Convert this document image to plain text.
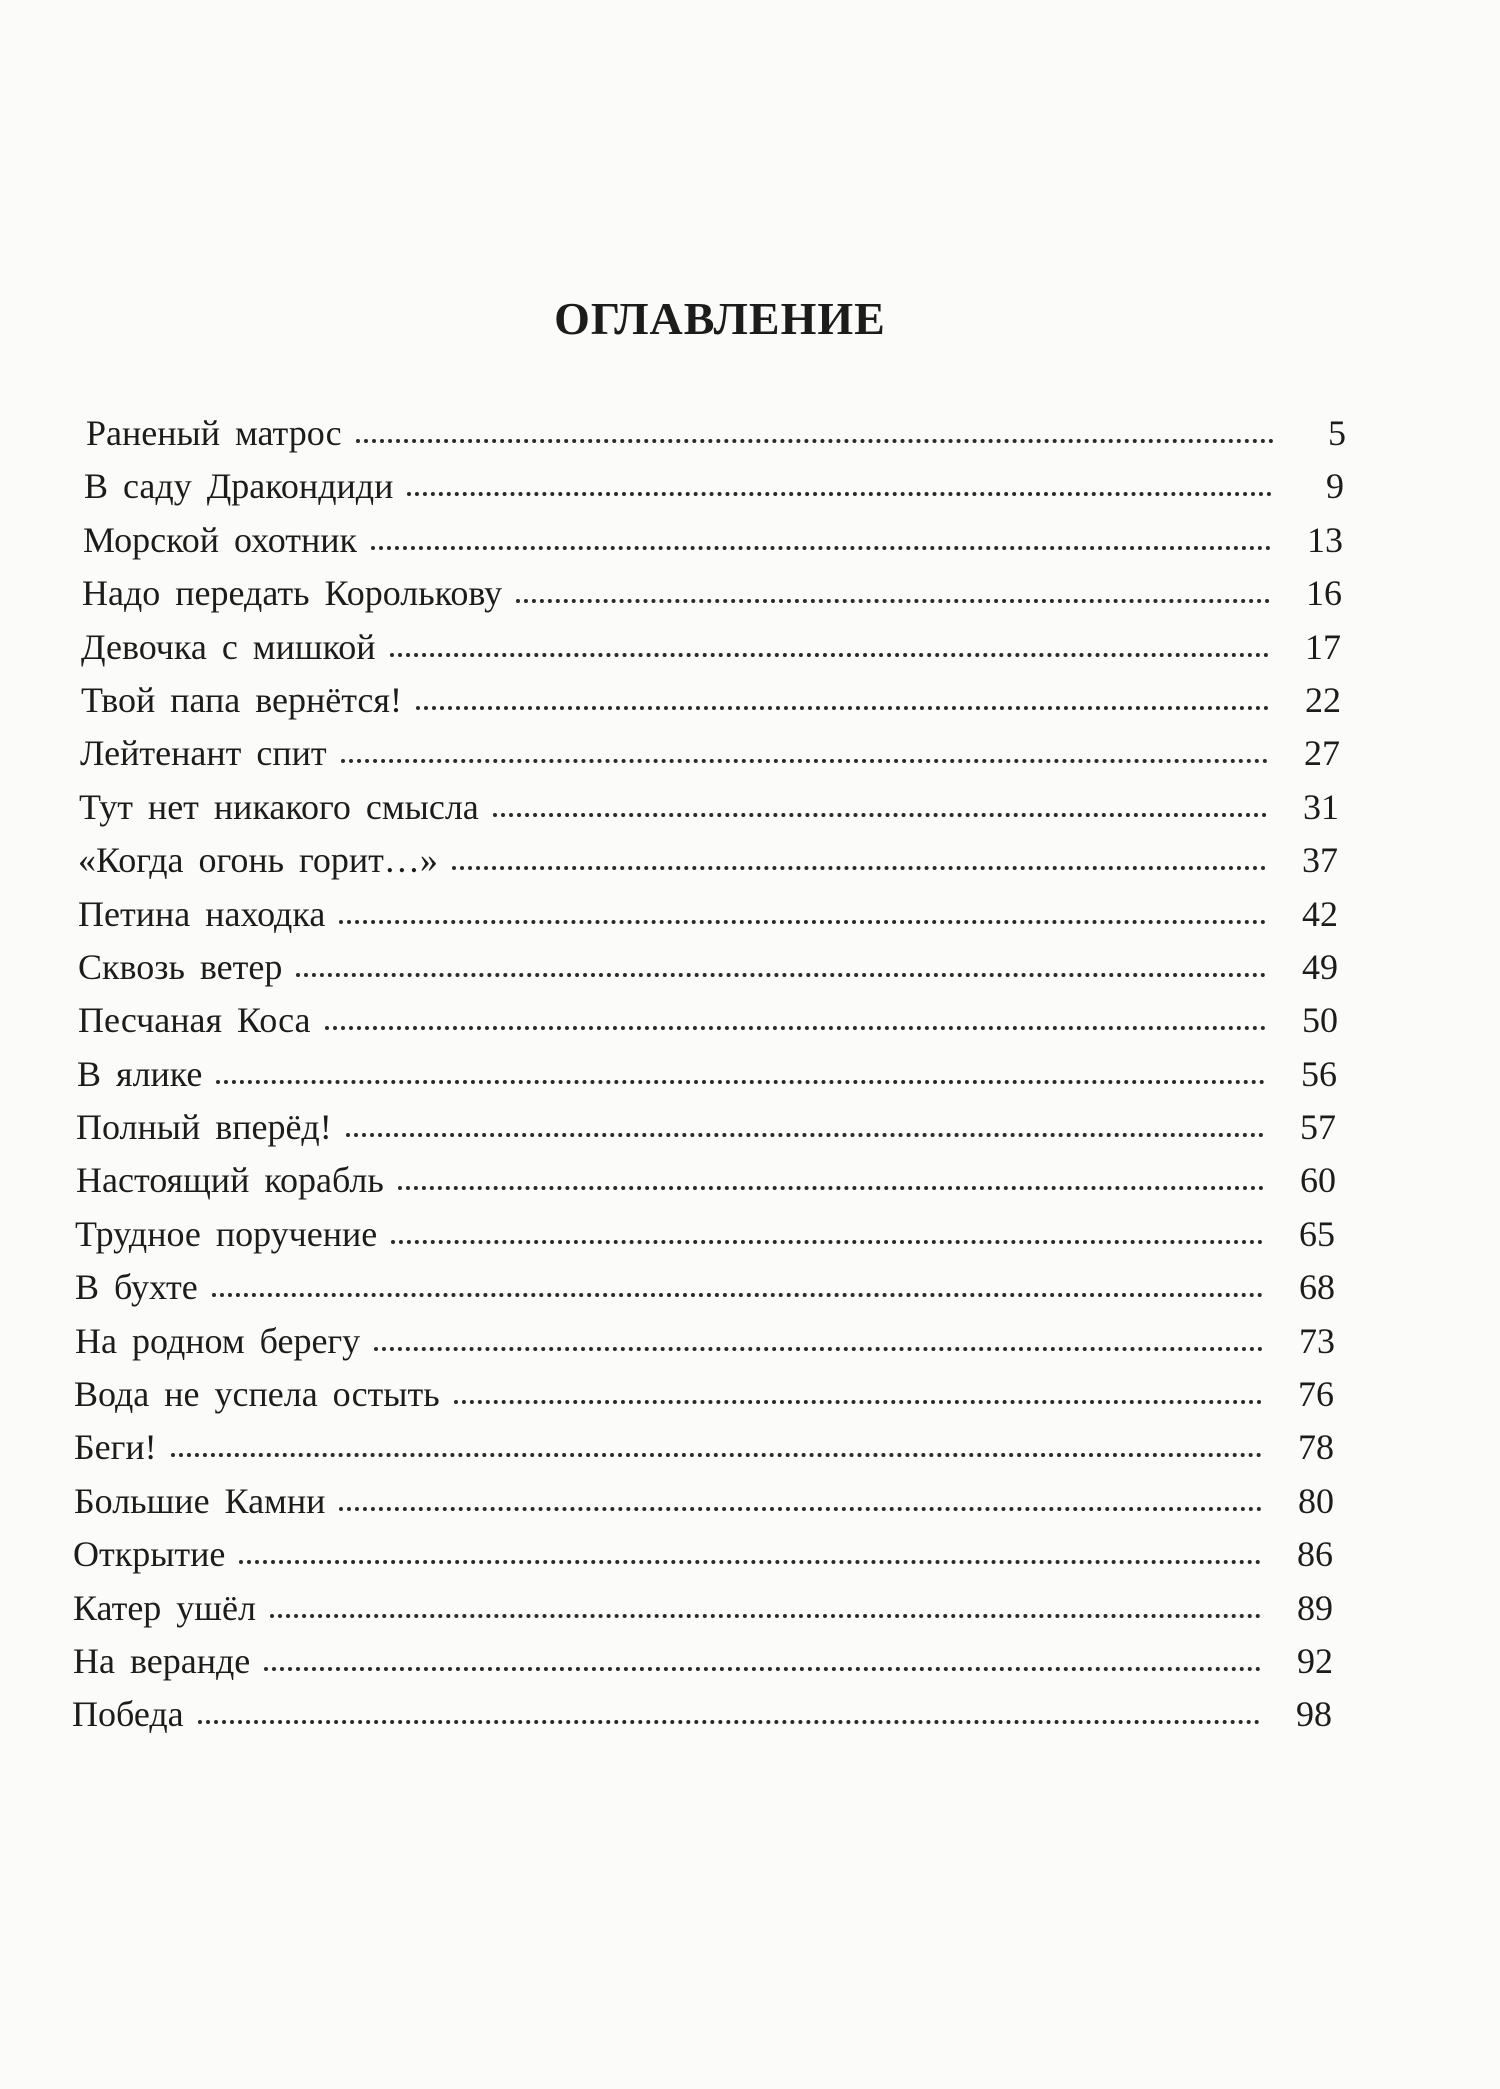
ОГЛАВЛЕНИЕ
Раненый матрос	5
В саду Дракондиди	9
Морской охотник	13
Надо передать Королькову	16
Девочка с мишкой	17
Твой папа вернётся!	22
Лейтенант спит	27
Тут нет никакого смысла	31
«Когда огонь горит…»	37
Петина находка	42
Сквозь ветер	49
Песчаная Коса	50
В ялике	56
Полный вперёд!	57
Настоящий корабль	60
Трудное поручение	65
В бухте	68
На родном берегу	73
Вода не успела остыть	76
Беги!	78
Большие Камни	80
Открытие	86
Катер ушёл	89
На веранде	92
Победа	98
